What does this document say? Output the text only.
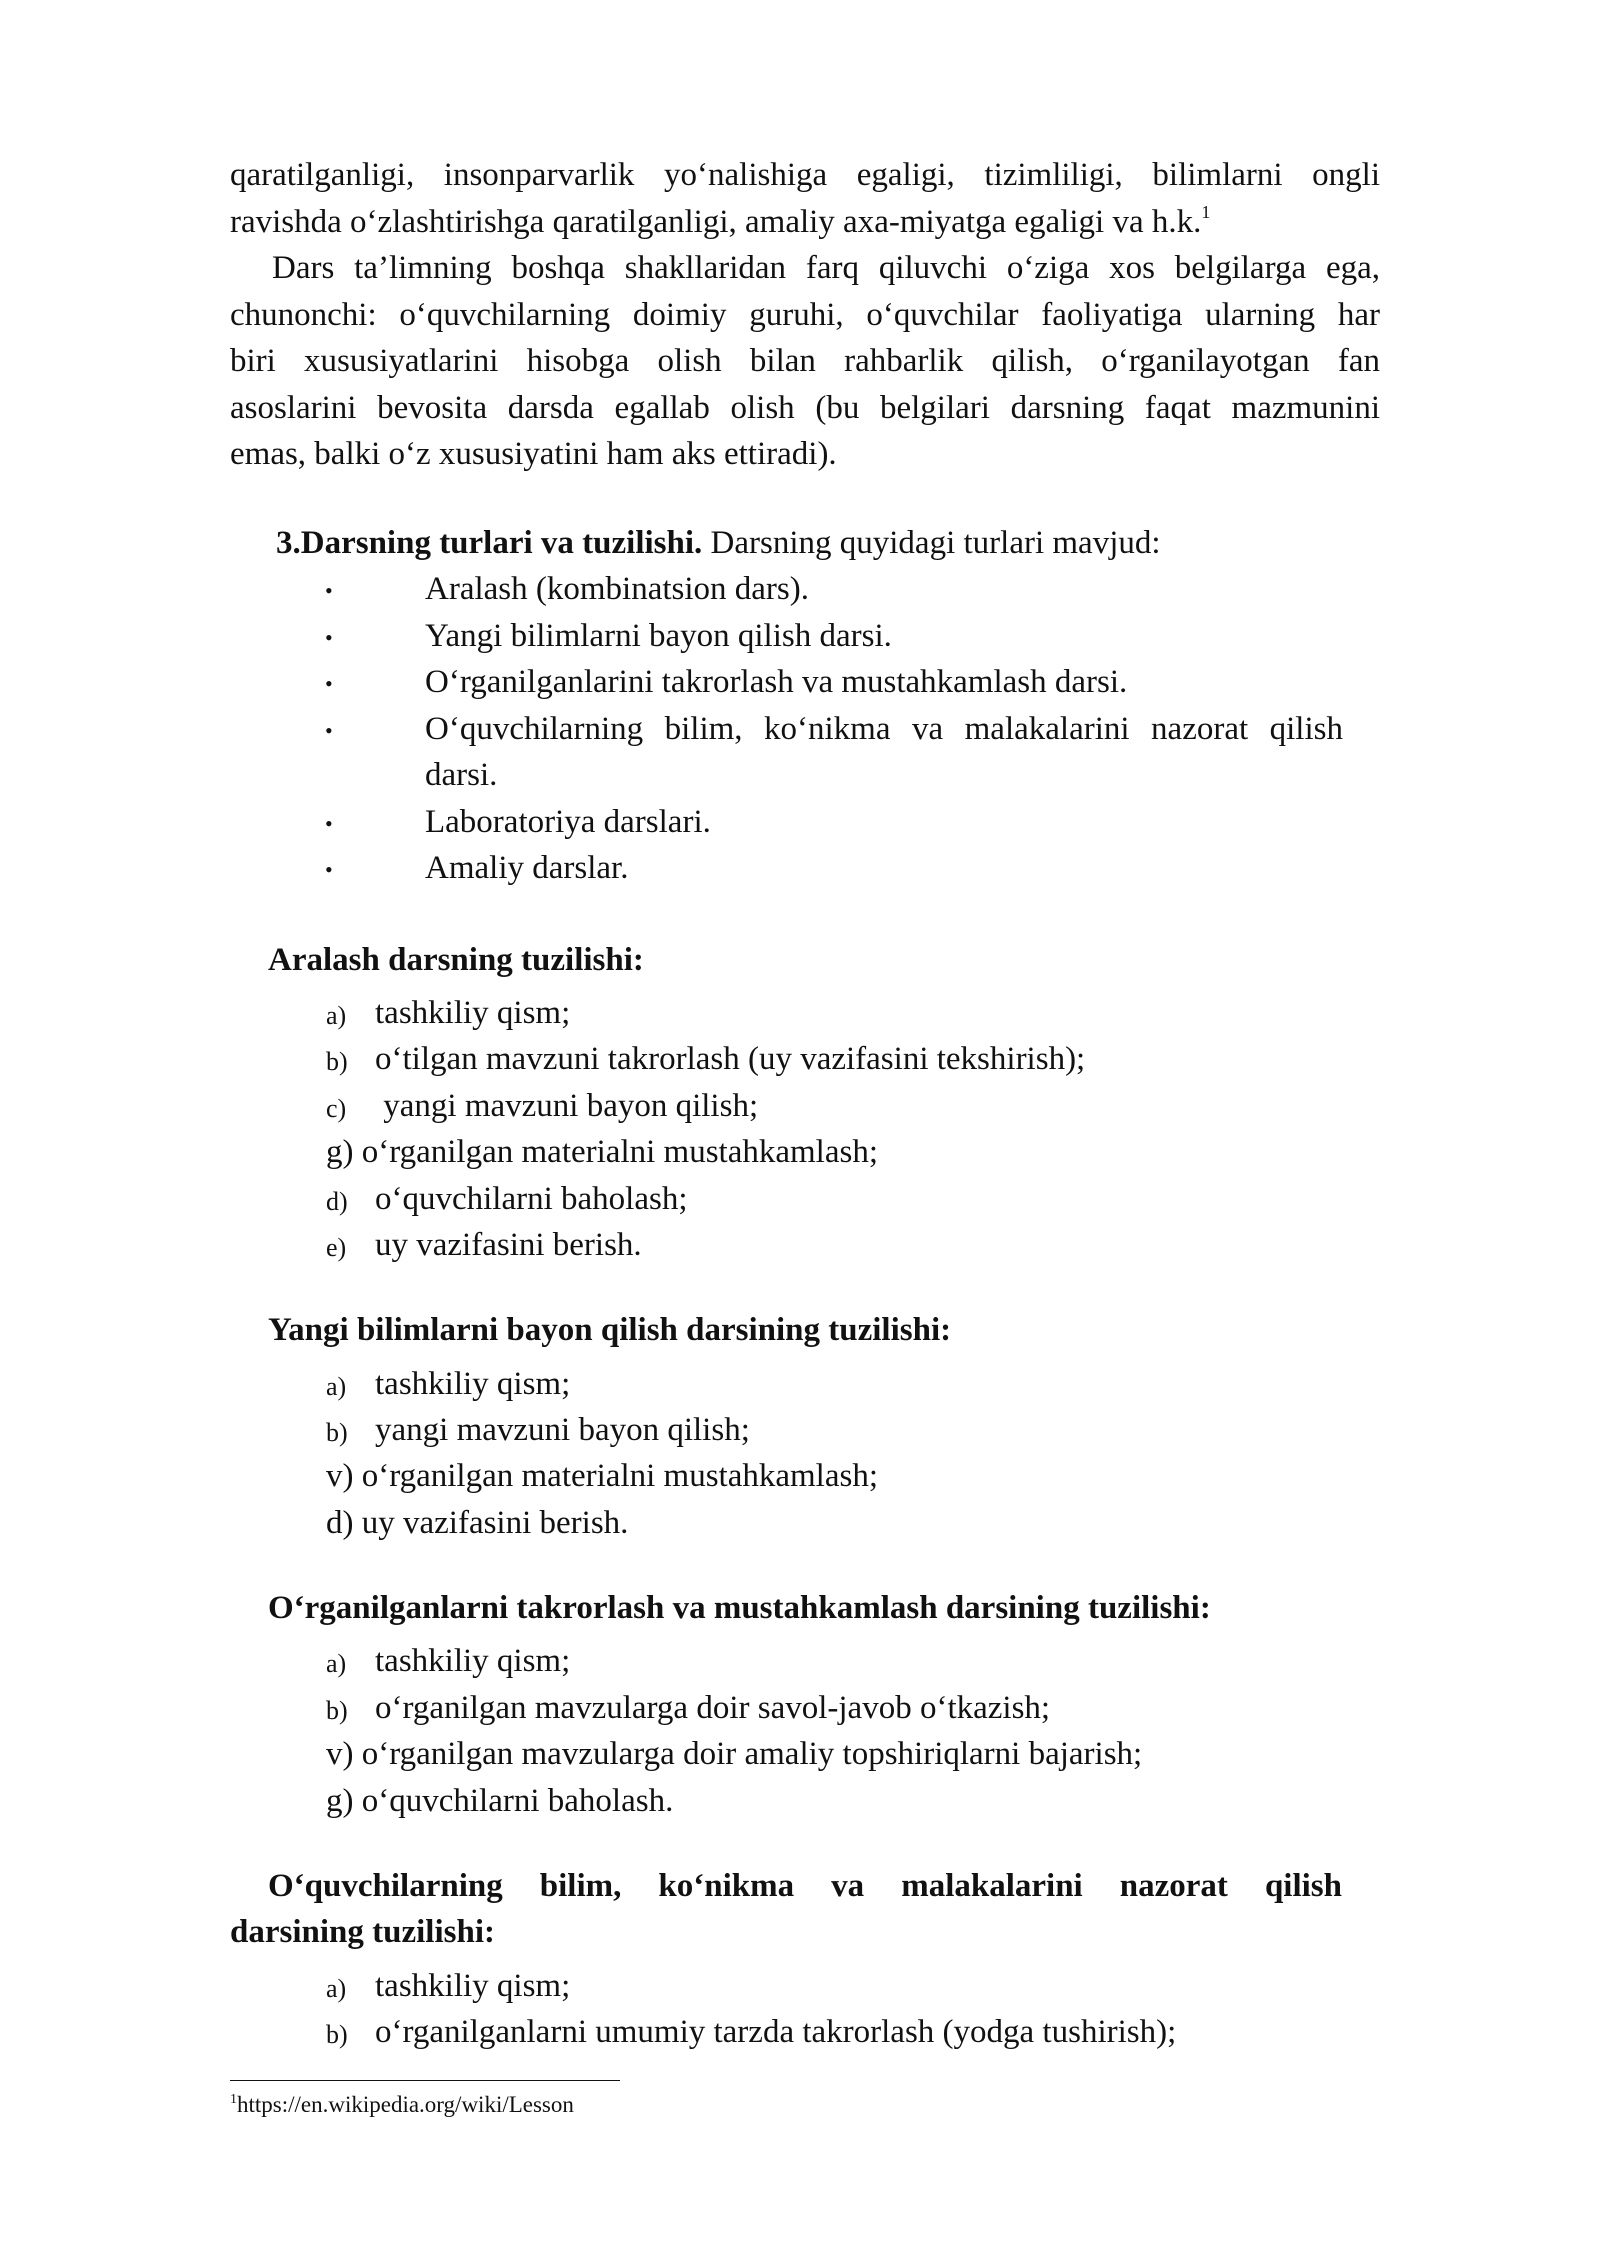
qaratilganligi, insonparvarlik yo‘nalishiga egaligi, tizimliligi, bilimlarni ongli
ravishda o‘zlashtirishga qaratilganligi, amaliy axa-miyatga egaligi va h.k.$^1$
Dars ta’limning boshqa shakllaridan farq qiluvchi o‘ziga xos belgilarga ega,
chunonchi: o‘quvchilarning doimiy guruhi, o‘quvchilar faoliyatiga ularning har
biri xususiyatlarini hisobga olish bilan rahbarlik qilish, o‘rganilayotgan fan
asoslarini bevosita darsda egallab olish (bu belgilari darsning faqat mazmunini
emas, balki o‘z xususiyatini ham aks ettiradi).
3.Darsning turlari va tuzilishi. Darsning quyidagi turlari mavjud:
•	Aralash (kombinatsion dars).
•	Yangi bilimlarni bayon qilish darsi.
•	O‘rganilganlarini takrorlash va mustahkamlash darsi.
•	O‘quvchilarning bilim, ko‘nikma va malakalarini nazorat qilish
darsi.
•	Laboratoriya darslari.
•	Amaliy darslar.
Aralash darsning tuzilishi:
a) tashkiliy qism;
b) o‘tilgan mavzuni takrorlash (uy vazifasini tekshirish);
c) yangi mavzuni bayon qilish;
g) o‘rganilgan materialni mustahkamlash;
d) o‘quvchilarni baholash;
e) uy vazifasini berish.
Yangi bilimlarni bayon qilish darsining tuzilishi:
a) tashkiliy qism;
b) yangi mavzuni bayon qilish;
v) o‘rganilgan materialni mustahkamlash;
d) uy vazifasini berish.
O‘rganilganlarni takrorlash va mustahkamlash darsining tuzilishi:
a) tashkiliy qism;
b) o‘rganilgan mavzularga doir savol-javob o‘tkazish;
v) o‘rganilgan mavzularga doir amaliy topshiriqlarni bajarish;
g) o‘quvchilarni baholash.
O‘quvchilarning bilim, ko‘nikma va malakalarini nazorat qilish
darsining tuzilishi:
a) tashkiliy qism;
b) o‘rganilganlarni umumiy tarzda takrorlash (yodga tushirish);
$^1$https://en.wikipedia.org/wiki/Lesson
